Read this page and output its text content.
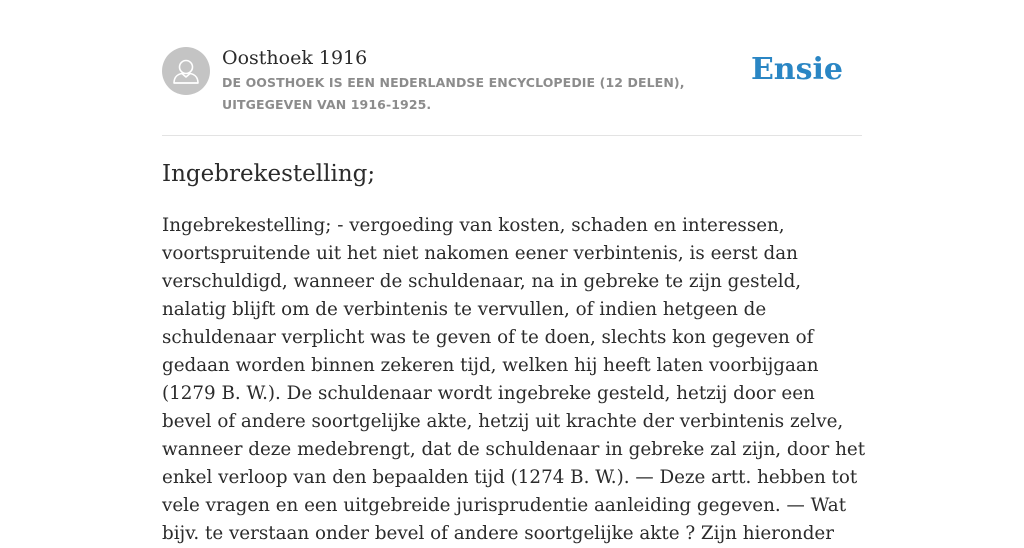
Oosthoek 1916
DE OOSTHOEK IS EEN NEDERLANDSE ENCYCLOPEDIE (12 DELEN), UITGEGEVEN VAN 1916-1925.
Ensie
Ingebrekestelling;

Ingebrekestelling; - vergoeding van kosten, schaden en interessen, voortspruitende uit het niet nakomen eener verbintenis, is eerst dan verschuldigd, wanneer de schuldenaar, na in gebreke te zijn gesteld, nalatig blijft om de verbintenis te vervullen, of indien hetgeen de schuldenaar verplicht was te geven of te doen, slechts kon gegeven of gedaan worden binnen zekeren tijd, welken hij heeft laten voorbijgaan (1279 B. W.). De schuldenaar wordt ingebreke gesteld, hetzij door een bevel of andere soortgelijke akte, hetzij uit krachte der verbintenis zelve, wanneer deze medebrengt, dat de schuldenaar in gebreke zal zijn, door het enkel verloop van den bepaalden tijd (1274 B. W.). — Deze artt. hebben tot vele vragen en een uitgebreide jurisprudentie aanleiding gegeven. — Wat bijv. te verstaan onder bevel of andere soortgelijke akte ? Zijn hieronder
